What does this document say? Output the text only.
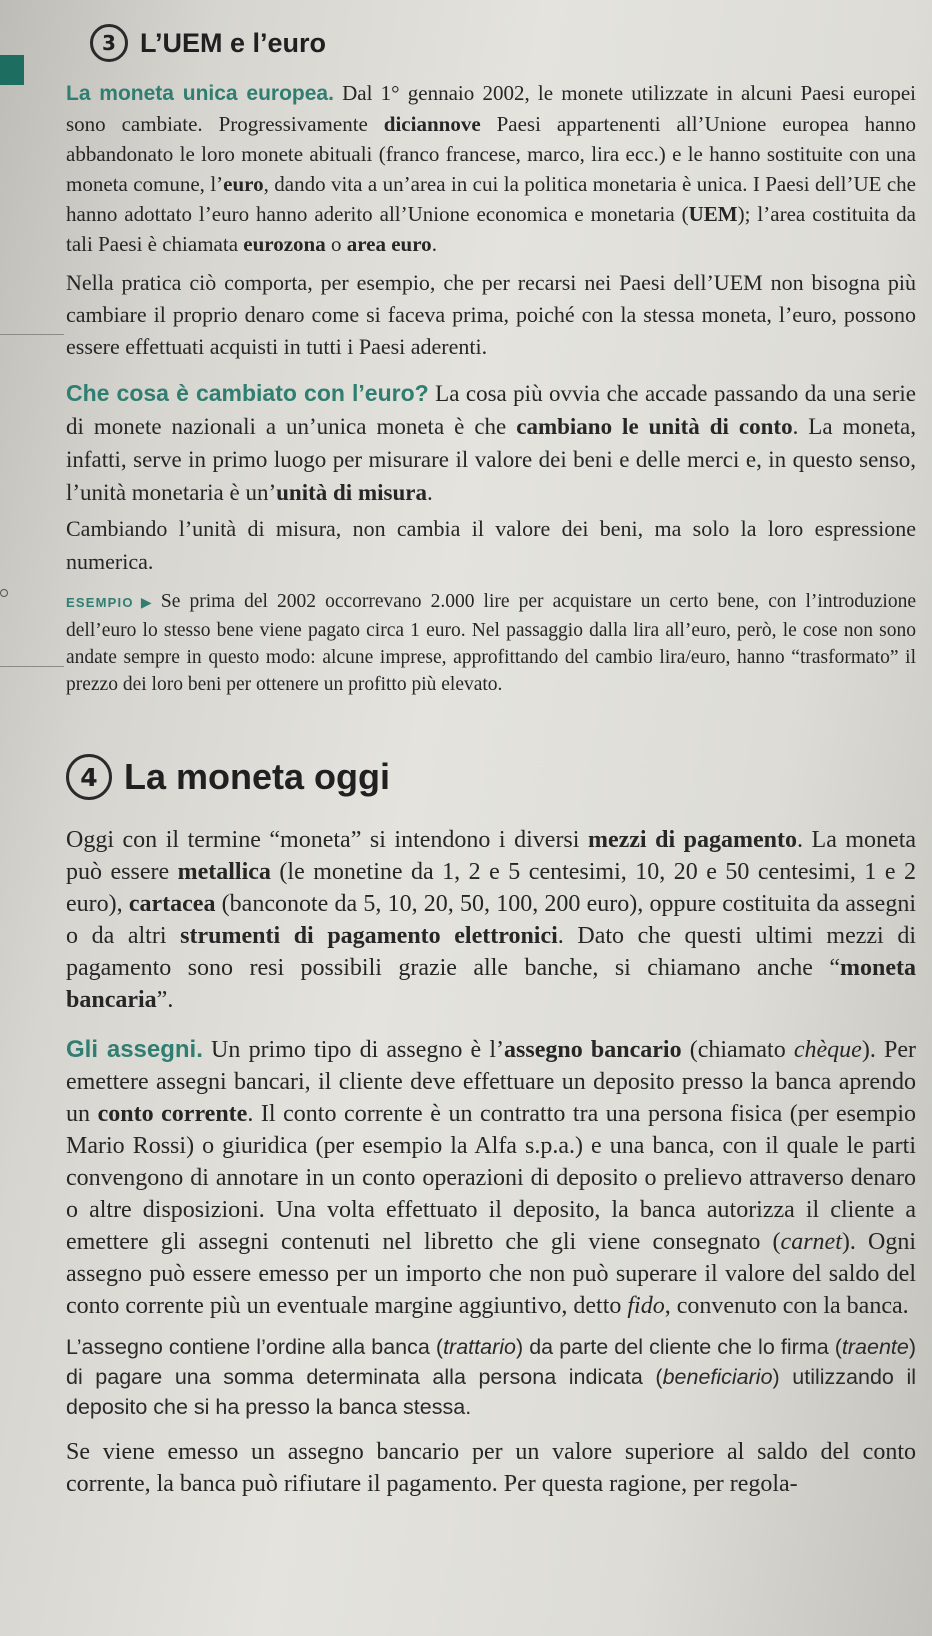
3 L’UEM e l’euro

La moneta unica europea. Dal 1° gennaio 2002, le monete utilizzate in alcuni Paesi europei sono cambiate. Progressivamente diciannove Paesi appartenenti all’Unione europea hanno abbandonato le loro monete abituali (franco francese, marco, lira ecc.) e le hanno sostituite con una moneta comune, l’euro, dando vita a un’area in cui la politica monetaria è unica. I Paesi dell’UE che hanno adottato l’euro hanno aderito all’Unione economica e monetaria (UEM); l’area costituita da tali Paesi è chiamata eurozona o area euro.

Nella pratica ciò comporta, per esempio, che per recarsi nei Paesi dell’UEM non bisogna più cambiare il proprio denaro come si faceva prima, poiché con la stessa moneta, l’euro, possono essere effettuati acquisti in tutti i Paesi aderenti.

Che cosa è cambiato con l’euro? La cosa più ovvia che accade passando da una serie di monete nazionali a un’unica moneta è che cambiano le unità di conto. La moneta, infatti, serve in primo luogo per misurare il valore dei beni e delle merci e, in questo senso, l’unità monetaria è un’unità di misura.

Cambiando l’unità di misura, non cambia il valore dei beni, ma solo la loro espressione numerica.

ESEMPIO ▶ Se prima del 2002 occorrevano 2.000 lire per acquistare un certo bene, con l’introduzione dell’euro lo stesso bene viene pagato circa 1 euro. Nel passaggio dalla lira all’euro, però, le cose non sono andate sempre in questo modo: alcune imprese, approfittando del cambio lira/euro, hanno “trasformato” il prezzo dei loro beni per ottenere un profitto più elevato.

4 La moneta oggi

Oggi con il termine “moneta” si intendono i diversi mezzi di pagamento. La moneta può essere metallica (le monetine da 1, 2 e 5 centesimi, 10, 20 e 50 centesimi, 1 e 2 euro), cartacea (banconote da 5, 10, 20, 50, 100, 200 euro), oppure costituita da assegni o da altri strumenti di pagamento elettronici. Dato che questi ultimi mezzi di pagamento sono resi possibili grazie alle banche, si chiamano anche “moneta bancaria”.

Gli assegni. Un primo tipo di assegno è l’assegno bancario (chiamato chèque). Per emettere assegni bancari, il cliente deve effettuare un deposito presso la banca aprendo un conto corrente. Il conto corrente è un contratto tra una persona fisica (per esempio Mario Rossi) o giuridica (per esempio la Alfa s.p.a.) e una banca, con il quale le parti convengono di annotare in un conto operazioni di deposito o prelievo attraverso denaro o altre disposizioni. Una volta effettuato il deposito, la banca autorizza il cliente a emettere gli assegni contenuti nel libretto che gli viene consegnato (carnet). Ogni assegno può essere emesso per un importo che non può superare il valore del saldo del conto corrente più un eventuale margine aggiuntivo, detto fido, convenuto con la banca.

L’assegno contiene l’ordine alla banca (trattario) da parte del cliente che lo firma (traente) di pagare una somma determinata alla persona indicata (beneficiario) utilizzando il deposito che si ha presso la banca stessa.

Se viene emesso un assegno bancario per un valore superiore al saldo del conto corrente, la banca può rifiutare il pagamento. Per questa ragione, per regola-
